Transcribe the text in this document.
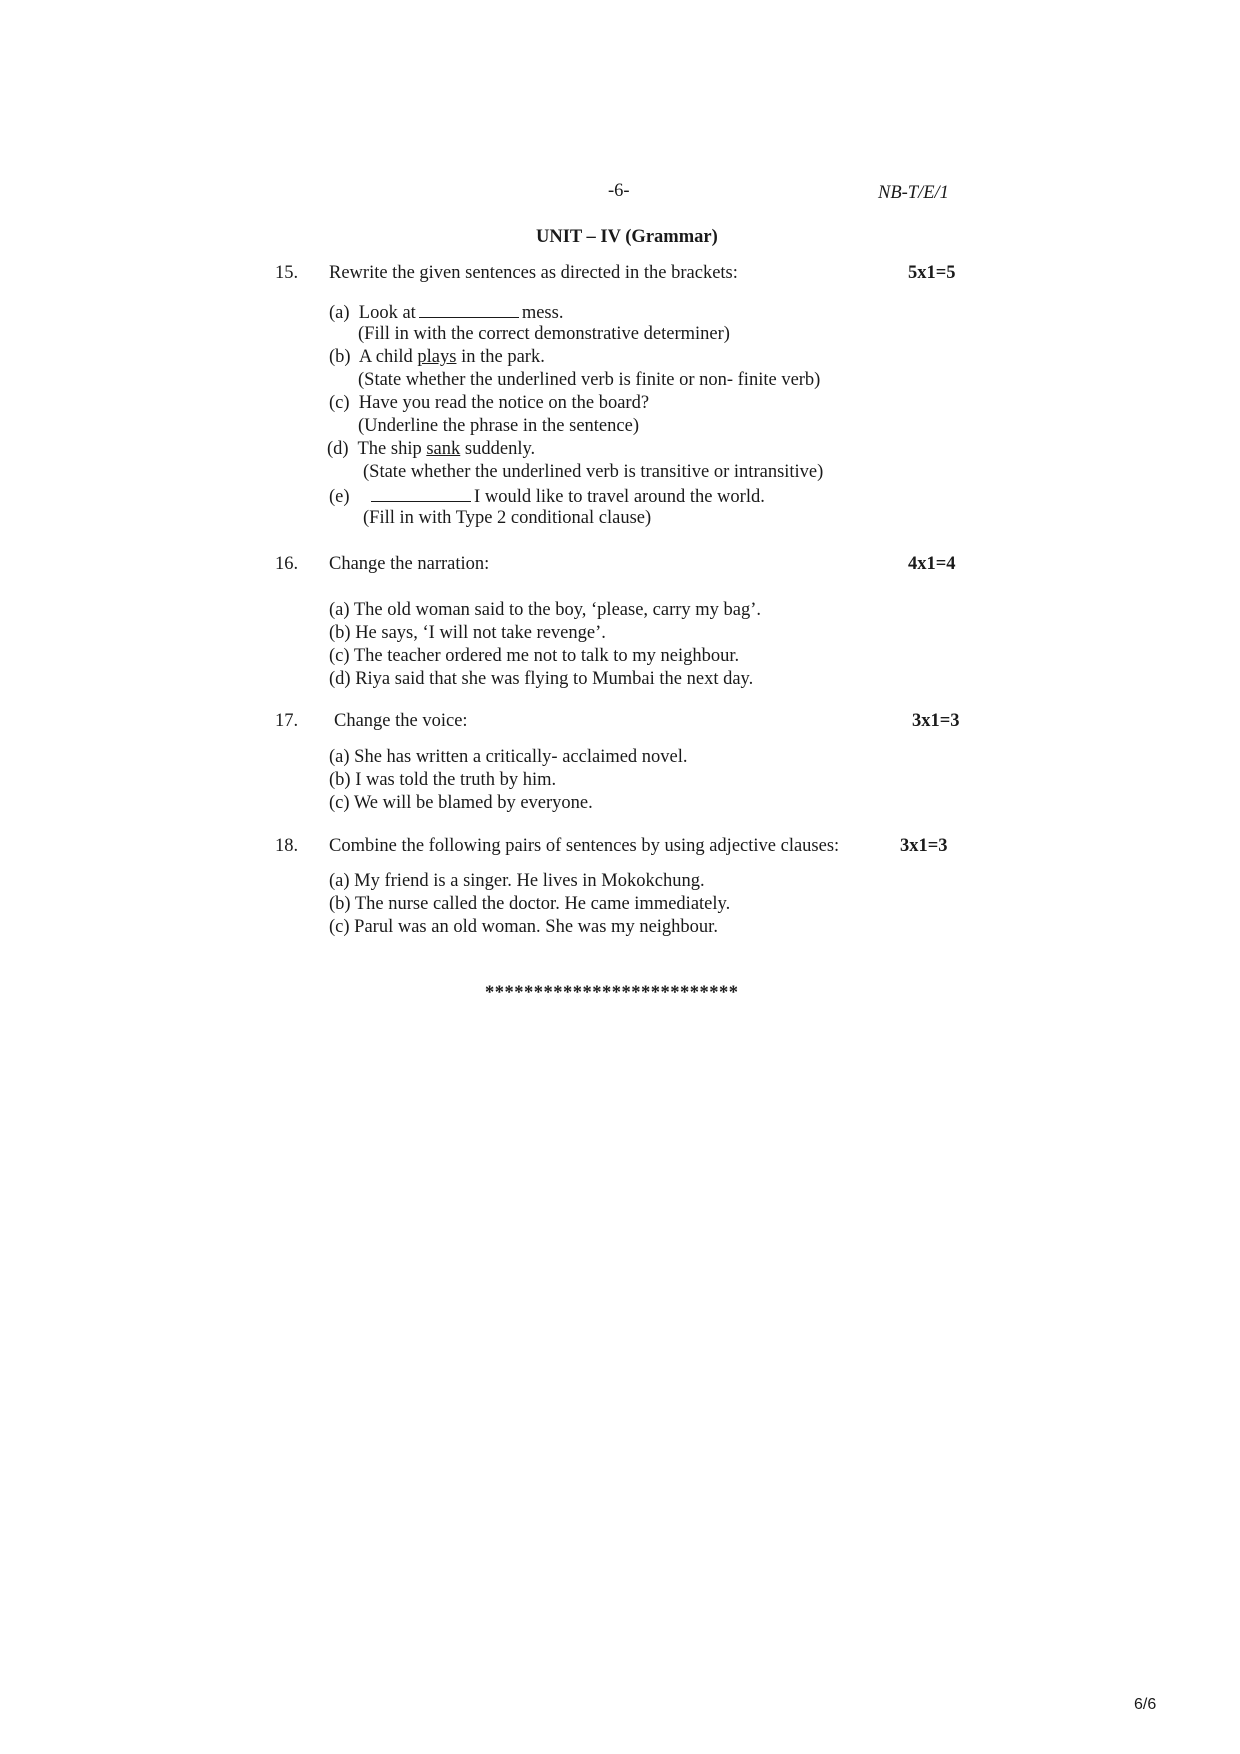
-6-	NB-T/E/1
UNIT – IV (Grammar)
15. Rewrite the given sentences as directed in the brackets:	5x1=5
(a) Look at	mess.
(Fill in with the correct demonstrative determiner)
(b) A child plays in the park.
(State whether the underlined verb is finite or non- finite verb)
(c) Have you read the notice on the board?
(Underline the phrase in the sentence)
(d) The ship sank suddenly.
(State whether the underlined verb is transitive or intransitive)
(e)	I would like to travel around the world.
(Fill in with Type 2 conditional clause)
16. Change the narration:	4x1=4
(a) The old woman said to the boy, ‘please, carry my bag’.
(b) He says, ‘I will not take revenge’.
(c) The teacher ordered me not to talk to my neighbour.
(d) Riya said that she was flying to Mumbai the next day.
17. Change the voice:	3x1=3
(a) She has written a critically- acclaimed novel.
(b) I was told the truth by him.
(c) We will be blamed by everyone.
18. Combine the following pairs of sentences by using adjective clauses:	3x1=3
(a) My friend is a singer. He lives in Mokokchung.
(b) The nurse called the doctor. He came immediately.
(c) Parul was an old woman. She was my neighbour.
**************************
6/6
